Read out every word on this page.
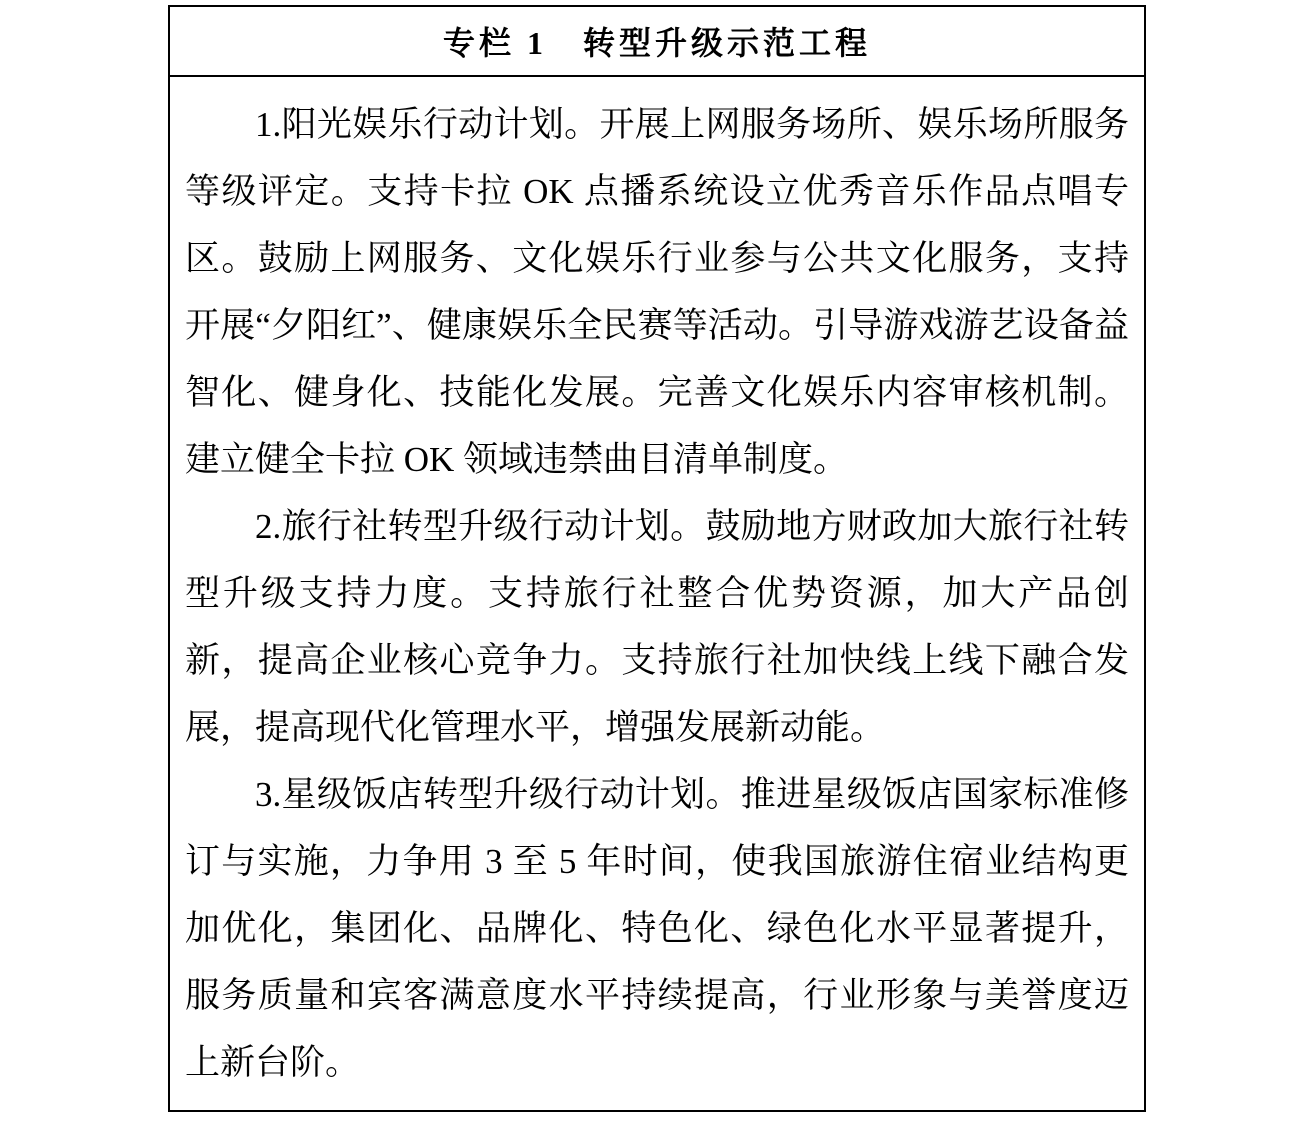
专栏 1　转型升级示范工程

1.阳光娱乐行动计划。开展上网服务场所、娱乐场所服务等级评定。支持卡拉 OK 点播系统设立优秀音乐作品点唱专区。鼓励上网服务、文化娱乐行业参与公共文化服务，支持开展“夕阳红”、健康娱乐全民赛等活动。引导游戏游艺设备益智化、健身化、技能化发展。完善文化娱乐内容审核机制。建立健全卡拉 OK 领域违禁曲目清单制度。

2.旅行社转型升级行动计划。鼓励地方财政加大旅行社转型升级支持力度。支持旅行社整合优势资源，加大产品创新，提高企业核心竞争力。支持旅行社加快线上线下融合发展，提高现代化管理水平，增强发展新动能。

3.星级饭店转型升级行动计划。推进星级饭店国家标准修订与实施，力争用 3 至 5 年时间，使我国旅游住宿业结构更加优化，集团化、品牌化、特色化、绿色化水平显著提升，服务质量和宾客满意度水平持续提高，行业形象与美誉度迈上新台阶。
